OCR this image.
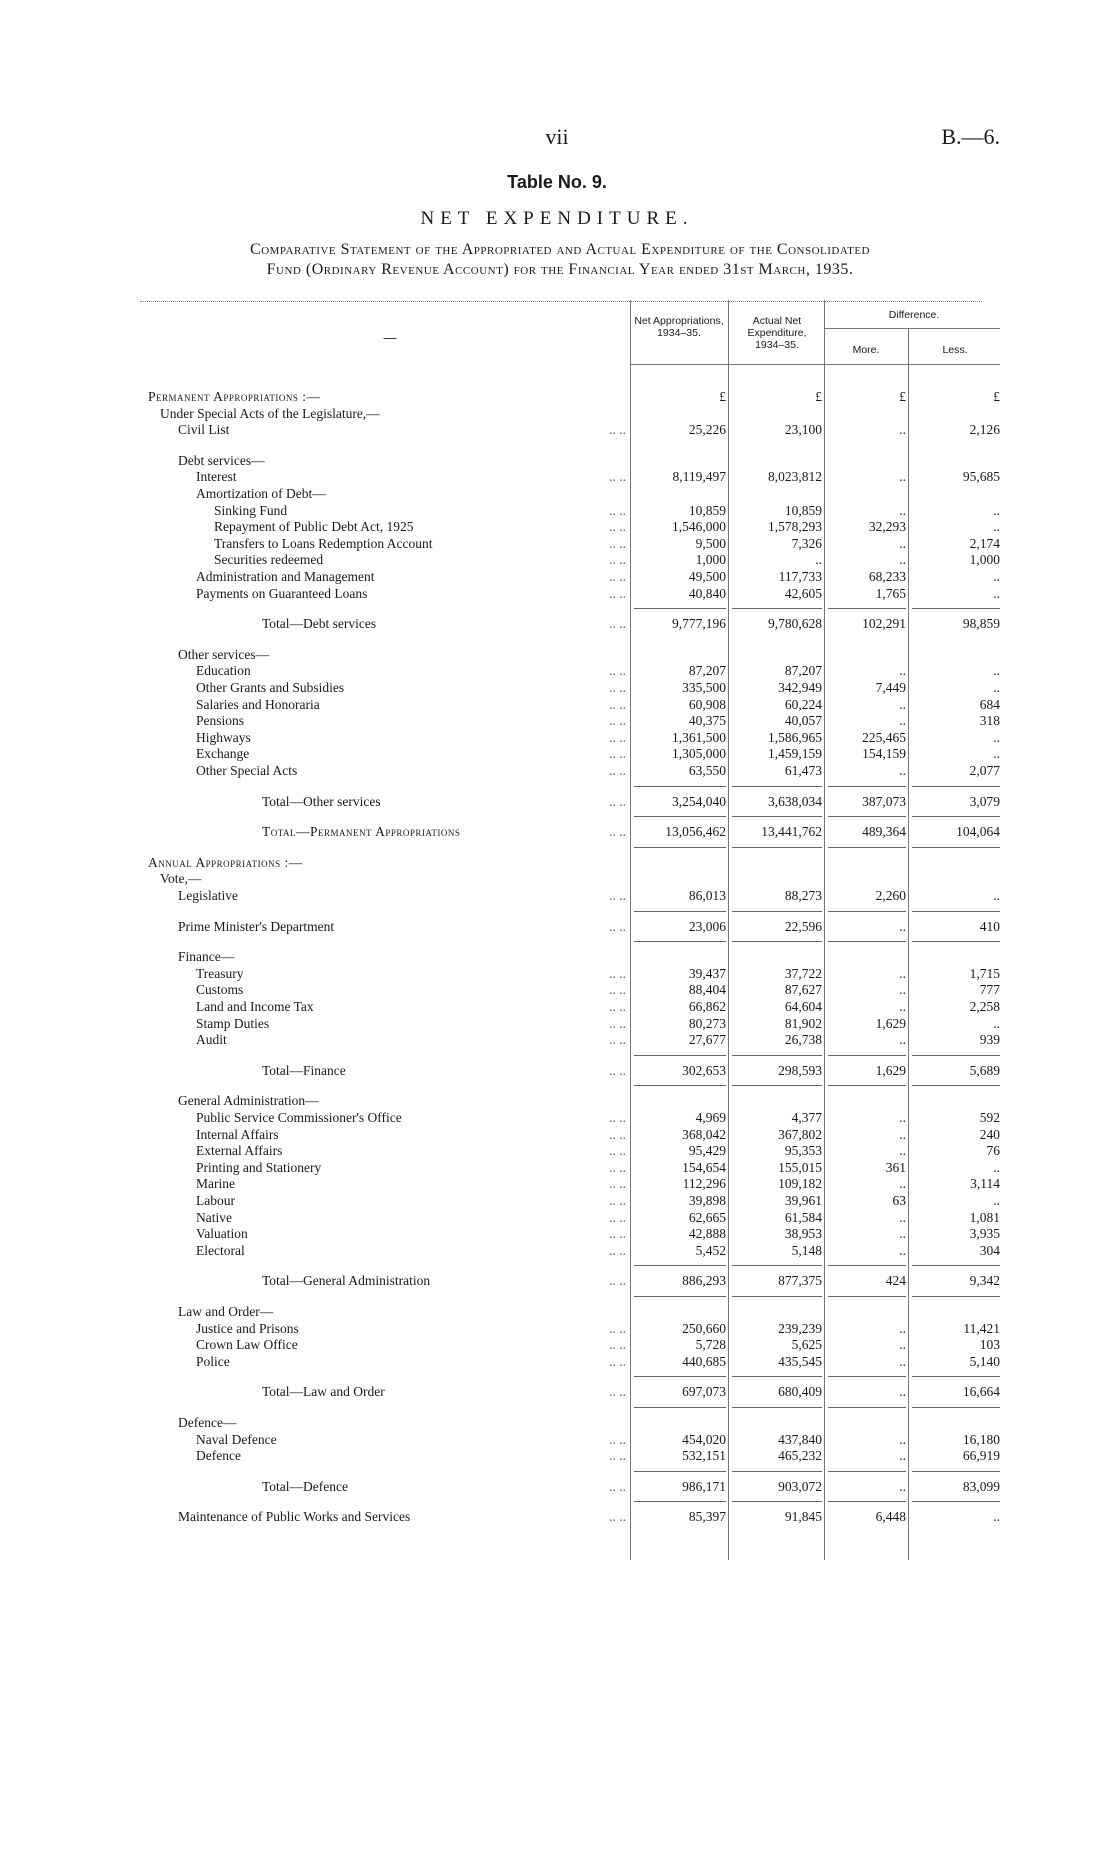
vii	B.—6.
Table No. 9.
NET EXPENDITURE.
Comparative Statement of the Appropriated and Actual Expenditure of the Consolidated
Fund (Ordinary Revenue Account) for the Financial Year ended 31st March, 1935.
—
Net Appropriations, 1934–35.
Actual Net Expenditure, 1934–35.
Difference.
More.	Less.
Permanent Appropriations :—	£	£	£	£
Under Special Acts of the Legislature,—
Civil List	.. ..	25,226	23,100	..	2,126
Debt services—
Interest	.. ..	8,119,497	8,023,812	..	95,685
Amortization of Debt—
Sinking Fund	.. ..	10,859	10,859	..	..
Repayment of Public Debt Act, 1925	.. ..	1,546,000	1,578,293	32,293	..
Transfers to Loans Redemption Account	.. ..	9,500	7,326	..	2,174
Securities redeemed	.. ..	1,000	..	..	1,000
Administration and Management	.. ..	49,500	117,733	68,233	..
Payments on Guaranteed Loans	.. ..	40,840	42,605	1,765	..
Total—Debt services	.. ..	9,777,196	9,780,628	102,291	98,859
Other services—
Education	.. ..	87,207	87,207	..	..
Other Grants and Subsidies	.. ..	335,500	342,949	7,449	..
Salaries and Honoraria	.. ..	60,908	60,224	..	684
Pensions	.. ..	40,375	40,057	..	318
Highways	.. ..	1,361,500	1,586,965	225,465	..
Exchange	.. ..	1,305,000	1,459,159	154,159	..
Other Special Acts	.. ..	63,550	61,473	..	2,077
Total—Other services	.. ..	3,254,040	3,638,034	387,073	3,079
Total—Permanent Appropriations	.. ..	13,056,462	13,441,762	489,364	104,064
Annual Appropriations :—
Vote,—
Legislative	.. ..	86,013	88,273	2,260	..
Prime Minister's Department	.. ..	23,006	22,596	..	410
Finance—
Treasury	.. ..	39,437	37,722	..	1,715
Customs	.. ..	88,404	87,627	..	777
Land and Income Tax	.. ..	66,862	64,604	..	2,258
Stamp Duties	.. ..	80,273	81,902	1,629	..
Audit	.. ..	27,677	26,738	..	939
Total—Finance	.. ..	302,653	298,593	1,629	5,689
General Administration—
Public Service Commissioner's Office	.. ..	4,969	4,377	..	592
Internal Affairs	.. ..	368,042	367,802	..	240
External Affairs	.. ..	95,429	95,353	..	76
Printing and Stationery	.. ..	154,654	155,015	361	..
Marine	.. ..	112,296	109,182	..	3,114
Labour	.. ..	39,898	39,961	63	..
Native	.. ..	62,665	61,584	..	1,081
Valuation	.. ..	42,888	38,953	..	3,935
Electoral	.. ..	5,452	5,148	..	304
Total—General Administration	.. ..	886,293	877,375	424	9,342
Law and Order—
Justice and Prisons	.. ..	250,660	239,239	..	11,421
Crown Law Office	.. ..	5,728	5,625	..	103
Police	.. ..	440,685	435,545	..	5,140
Total—Law and Order	.. ..	697,073	680,409	..	16,664
Defence—
Naval Defence	.. ..	454,020	437,840	..	16,180
Defence	.. ..	532,151	465,232	..	66,919
Total—Defence	.. ..	986,171	903,072	..	83,099
Maintenance of Public Works and Services	.. ..	85,397	91,845	6,448	..
